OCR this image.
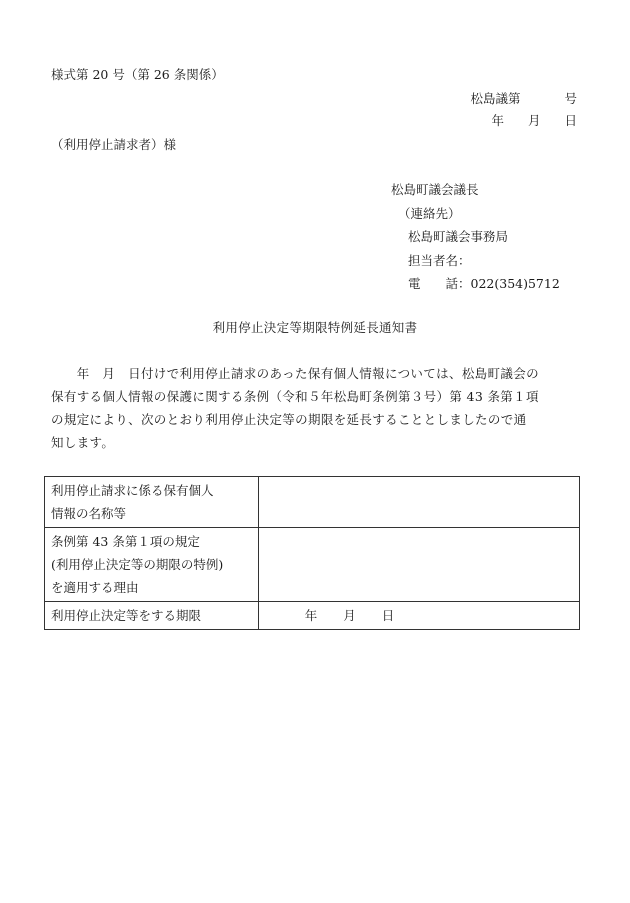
様式第 20 号（第 26 条関係）
松島議第	号
年 月 日
（利用停止請求者）様
松島町議会議長
（連絡先）
松島町議会事務局
担当者名：
電　　話：022(354)5712
利用停止決定等期限特例延長通知書
　　年　月　日付けで利用停止請求のあった保有個人情報については、松島町議会の
保有する個人情報の保護に関する条例（令和５年松島町条例第３号）第 43 条第１項
の規定により、次のとおり利用停止決定等の期限を延長することとしましたので通
知します。
利用停止請求に係る保有個人
情報の名称等	

条例第 43 条第１項の規定
(利用停止決定等の期限の特例)
を適用する理由	

利用停止決定等をする期限	年 月 日
